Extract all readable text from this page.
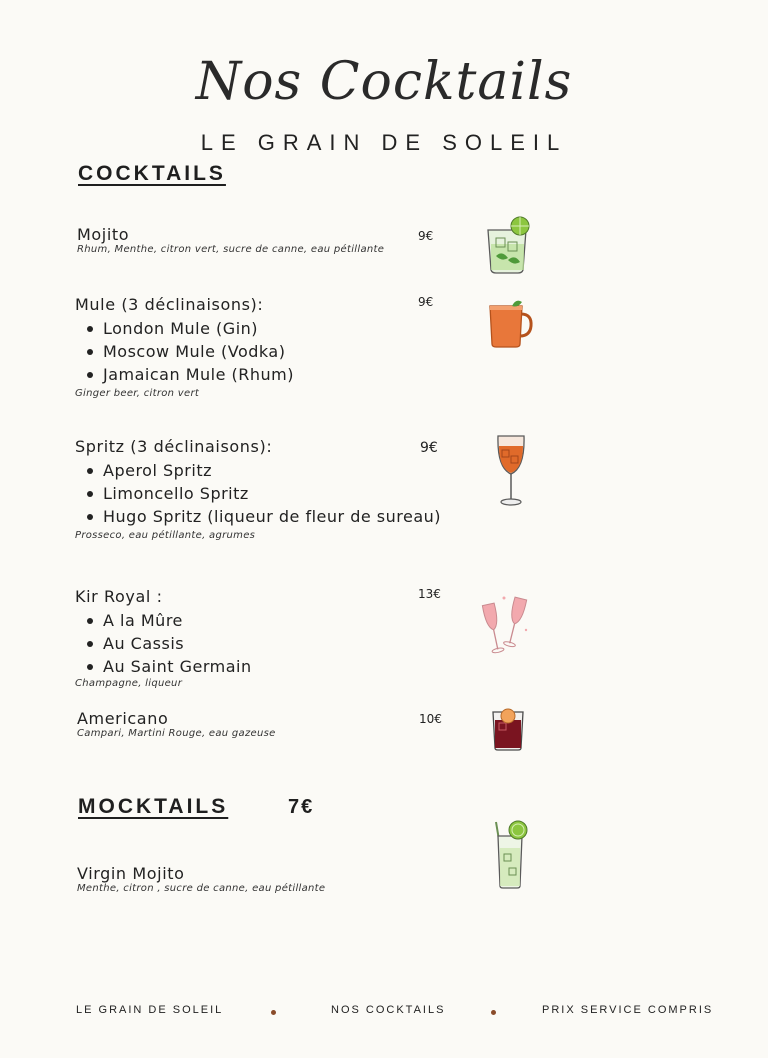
Nos Cocktails
LE GRAIN DE SOLEIL
COCKTAILS
Mojito
Rhum, Menthe, citron vert, sucre de canne, eau pétillante
9€
Mule (3 déclinaisons):
London Mule (Gin)
Moscow Mule (Vodka)
Jamaican Mule (Rhum)
Ginger beer, citron vert
9€
Spritz (3 déclinaisons):
Aperol Spritz
Limoncello Spritz
Hugo Spritz (liqueur de fleur de sureau)
Prosseco, eau pétillante, agrumes
9€
Kir Royal :
A la Mûre
Au Cassis
Au Saint Germain
Champagne, liqueur
13€
Americano
Campari, Martini Rouge, eau gazeuse
10€
MOCKTAILS	7€
Virgin Mojito
Menthe, citron , sucre de canne, eau pétillante
LE GRAIN DE SOLEIL	NOS COCKTAILS	PRIX SERVICE COMPRIS
